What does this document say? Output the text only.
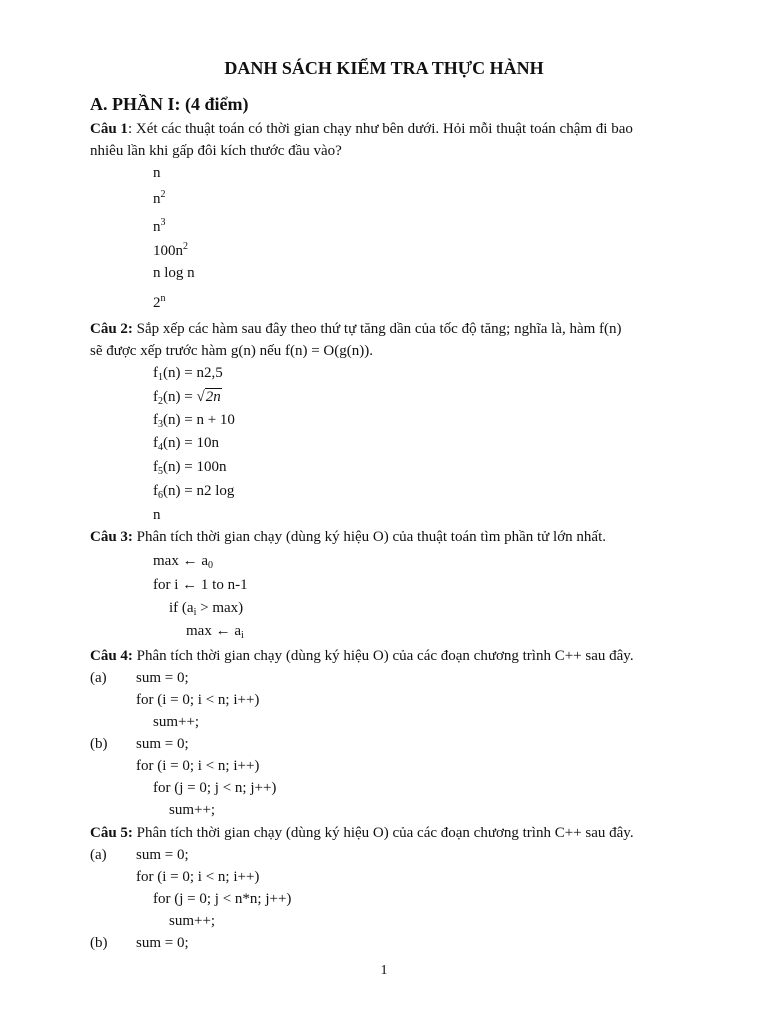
DANH SÁCH KIỂM TRA THỰC HÀNH
A. PHẦN I: (4 điểm)
Câu 1: Xét các thuật toán có thời gian chạy như bên dưới. Hỏi mỗi thuật toán chậm đi bao
nhiêu lần khi gấp đôi kích thước đầu vào?
n
$n^2$
$n^3$
$100n^2$
n log n
2$^n$
Câu 2: Sắp xếp các hàm sau đây theo thứ tự tăng dần của tốc độ tăng; nghĩa là, hàm f(n)
sẽ được xếp trước hàm g(n) nếu f(n) = O(g(n)).
$f_1(n) = n2,5$
$f_2(n) = √2n$
$f_3(n) = n + 10$
$f_4(n) = 10n$
$f_5(n) = 100n$
$f_6(n) = n2$ log
n
Câu 3: Phân tích thời gian chạy (dùng ký hiệu O) của thuật toán tìm phần tử lớn nhất.
max ← $a_0$
for i ← 1 to n-1
if $(a_i > \max)$
max ← $a_i$
Câu 4: Phân tích thời gian chạy (dùng ký hiệu O) của các đoạn chương trình C++ sau đây.
(a) sum = 0;
for (i = 0; i < n; i++)
sum++;
(b) sum = 0;
for (i = 0; i < n; i++)
for (j = 0; j < n; j++)
sum++;
Câu 5: Phân tích thời gian chạy (dùng ký hiệu O) của các đoạn chương trình C++ sau đây.
(a) sum = 0;
for (i = 0; i < n; i++)
for (j = 0; j < n*n; j++)
sum++;
(b) sum = 0;
1
